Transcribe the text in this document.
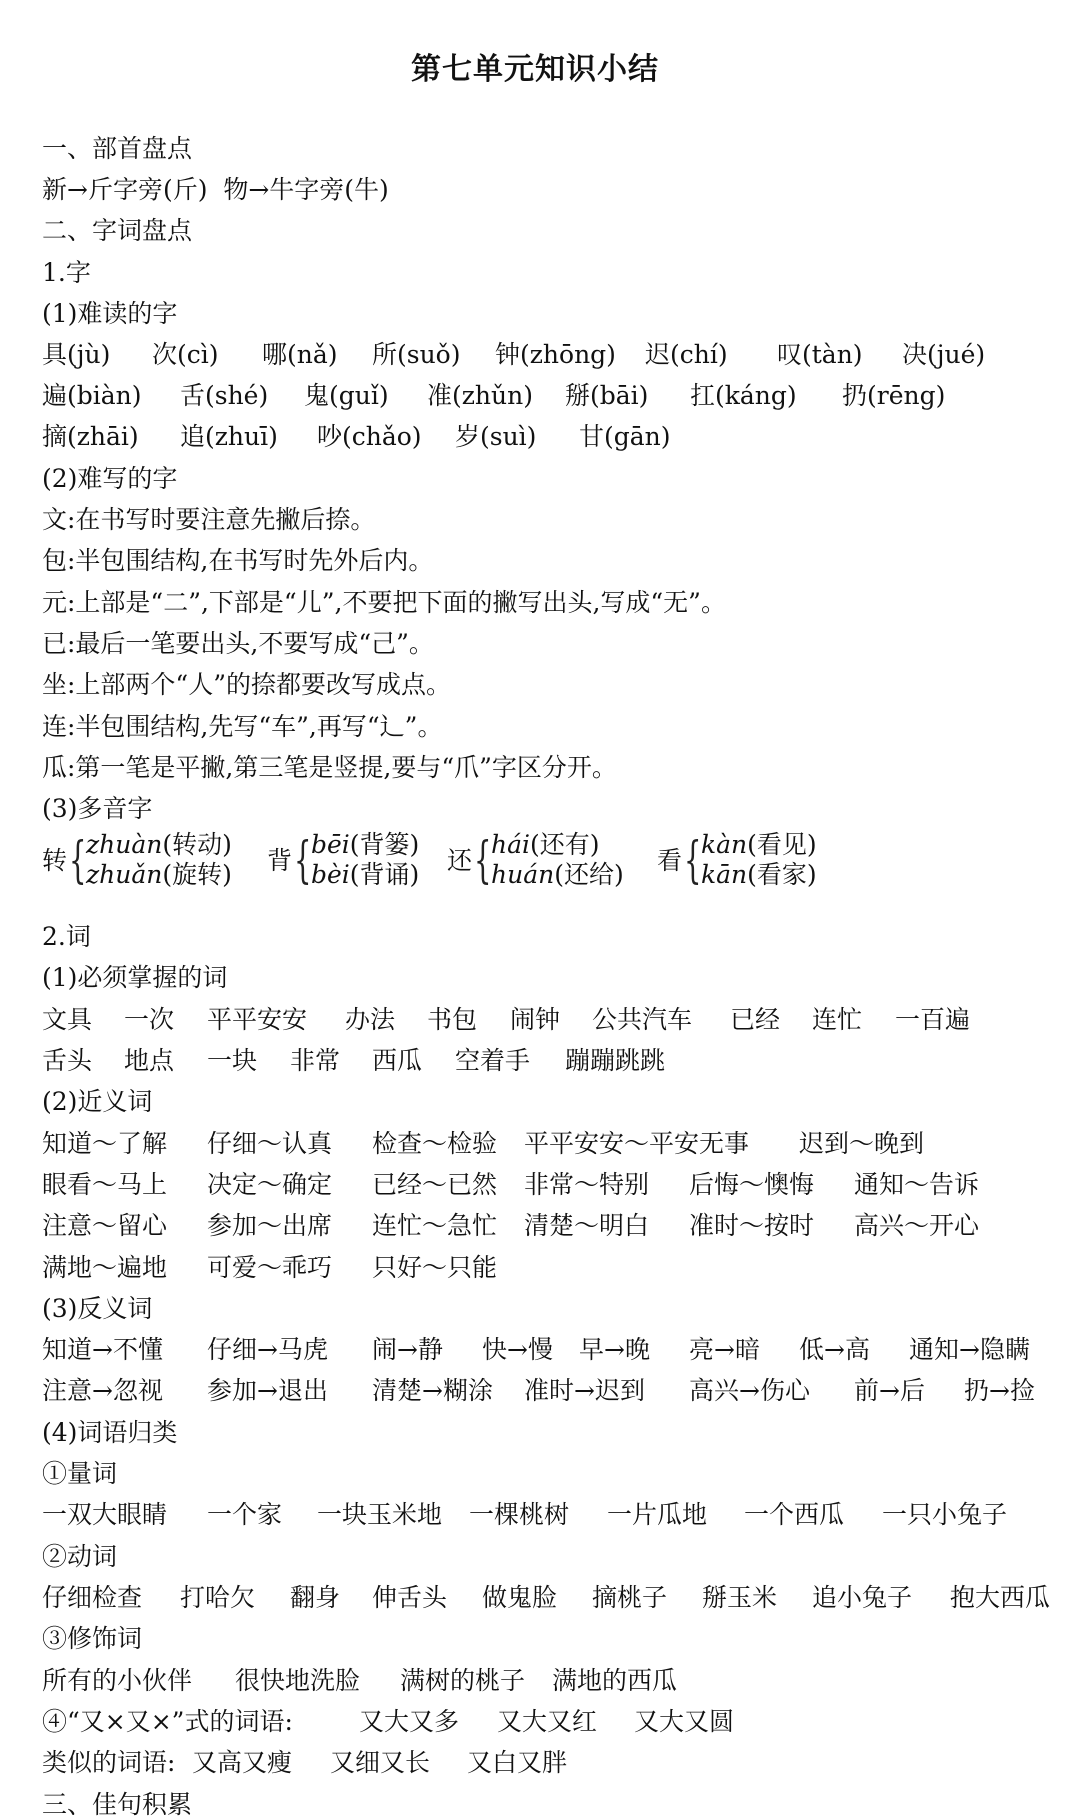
第七单元知识小结
一、部首盘点
新→斤字旁(斤)  物→牛字旁(牛)
二、字词盘点
1.字
(1)难读的字
具(jù) 次(cì) 哪(nǎ) 所(suǒ) 钟(zhōng) 迟(chí) 叹(tàn) 决(jué)
遍(biàn) 舌(shé) 鬼(guǐ) 准(zhǔn) 掰(bāi) 扛(káng) 扔(rēng)
摘(zhāi) 追(zhuī) 吵(chǎo) 岁(suì) 甘(gān)
(2)难写的字
文:在书写时要注意先撇后捺。
包:半包围结构,在书写时先外后内。
元:上部是“二”,下部是“儿”,不要把下面的撇写出头,写成“无”。
已:最后一笔要出头,不要写成“己”。
坐:上部两个“人”的捺都要改写成点。
连:半包围结构,先写“车”,再写“辶”。
瓜:第一笔是平撇,第三笔是竖提,要与“爪”字区分开。
(3)多音字
转 { zhuàn(转动)
zhuǎn(旋转) 背 { bēi(背篓)
bèi(背诵) 还 { hái(还有)
huán(还给) 看 { kàn(看见)
kān(看家)
2.词
(1)必须掌握的词
文具 一次 平平安安 办法 书包 闹钟 公共汽车 已经 连忙 一百遍
舌头 地点 一块 非常 西瓜 空着手 蹦蹦跳跳
(2)近义词
知道～了解 仔细～认真 检查～检验 平平安安～平安无事 迟到～晚到
眼看～马上 决定～确定 已经～已然 非常～特别 后悔～懊悔 通知～告诉
注意～留心 参加～出席 连忙～急忙 清楚～明白 准时～按时 高兴～开心
满地～遍地 可爱～乖巧 只好～只能
(3)反义词
知道→不懂 仔细→马虎 闹→静 快→慢 早→晚 亮→暗 低→高 通知→隐瞒
注意→忽视 参加→退出 清楚→糊涂 准时→迟到 高兴→伤心 前→后 扔→捡
(4)词语归类
①量词
一双大眼睛 一个家 一块玉米地 一棵桃树 一片瓜地 一个西瓜 一只小兔子
②动词
仔细检查 打哈欠 翻身 伸舌头 做鬼脸 摘桃子 掰玉米 追小兔子 抱大西瓜
③修饰词
所有的小伙伴 很快地洗脸 满树的桃子 满地的西瓜
④“又×又×”式的词语:	又大又多 又大又红 又大又圆
类似的词语: 又高又瘦 又细又长 又白又胖
三、佳句积累
